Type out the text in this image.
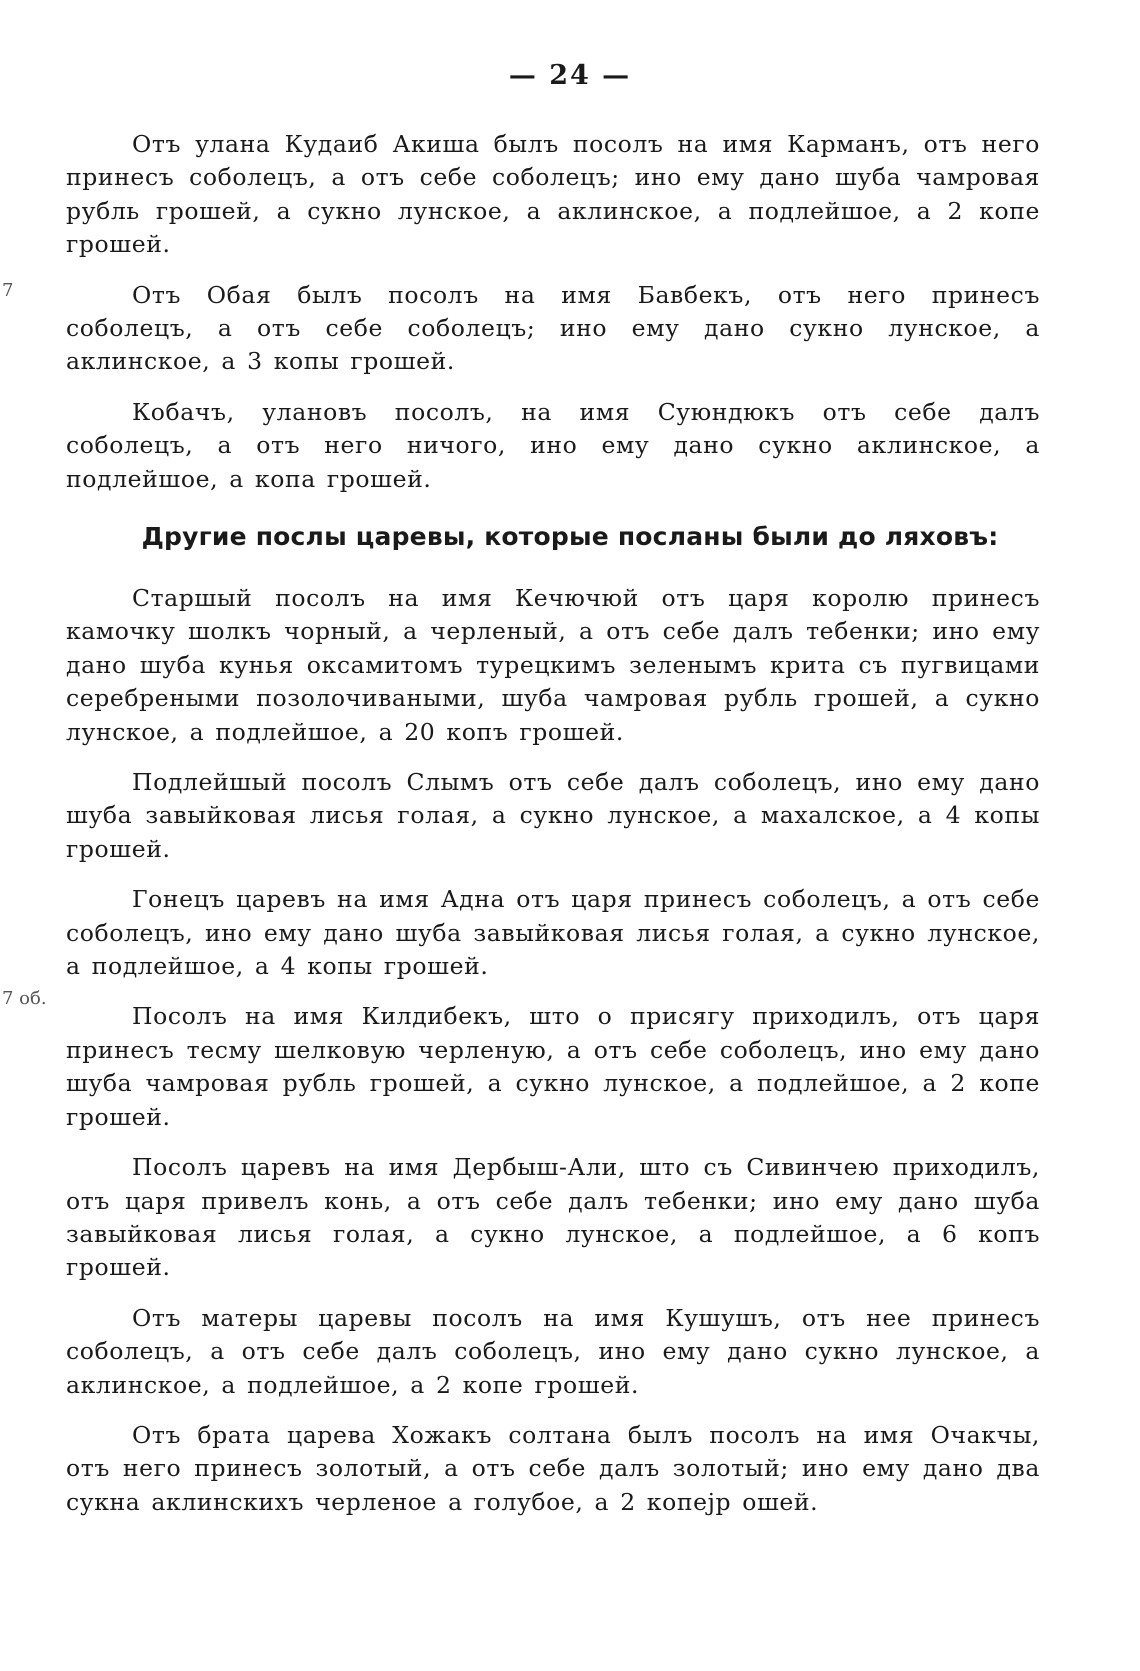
— 24 —
7
7 об.

Отъ улана Кудаиб Акиша былъ посолъ на имя Карманъ, отъ него принесъ соболецъ, а отъ себе соболецъ; ино ему дано шуба чамровая рубль грошей, а сукно лунское, а аклинское, а подлейшое, а 2 копе грошей.

Отъ Обая былъ посолъ на имя Бавбекъ, отъ него принесъ соболецъ, а отъ себе соболецъ; ино ему дано сукно лунское, а аклинское, а 3 копы грошей.

Кобачъ, улановъ посолъ, на имя Суюндюкъ отъ себе далъ соболецъ, а отъ него ничого, ино ему дано сукно аклинское, а подлейшое, а копа грошей.

Другие послы царевы, которые посланы были до ляховъ:

Старшый посолъ на имя Кечючюй отъ царя королю принесъ камочку шолкъ чорный, а черленый, а отъ себе далъ тебенки; ино ему дано шуба кунья оксамитомъ турецкимъ зеленымъ крита съ пугвицами серебреными позолочиваными, шуба чамровая рубль грошей, а сукно лунское, а подлейшое, а 20 копъ грошей.

Подлейшый посолъ Слымъ отъ себе далъ соболецъ, ино ему дано шуба завыйковая лисья голая, а сукно лунское, а махалское, а 4 копы грошей.

Гонецъ царевъ на имя Адна отъ царя принесъ соболецъ, а отъ себе соболецъ, ино ему дано шуба завыйковая лисья голая, а сукно лунское, а подлейшое, а 4 копы грошей.

Посолъ на имя Килдибекъ, што о присягу приходилъ, отъ царя принесъ тесму шелковую черленую, а отъ себе соболецъ, ино ему дано шуба чамровая рубль грошей, а сукно лунское, а подлейшое, а 2 копе грошей.

Посолъ царевъ на имя Дербыш-Али, што съ Сивинчею приходилъ, отъ царя привелъ конь, а отъ себе далъ тебенки; ино ему дано шуба завыйковая лисья голая, а сукно лунское, а подлейшое, а 6 копъ грошей.

Отъ матеры царевы посолъ на имя Кушушъ, отъ нее принесъ соболецъ, а отъ себе далъ соболецъ, ино ему дано сукно лунское, а аклинское, а подлейшое, а 2 копе грошей.

Отъ брата царева Хожакъ солтана былъ посолъ на имя Очакчы, отъ него принесъ золотый, а отъ себе далъ золотый; ино ему дано два сукна аклинскихъ черленое а голубое, а 2 копеjр ошей.
